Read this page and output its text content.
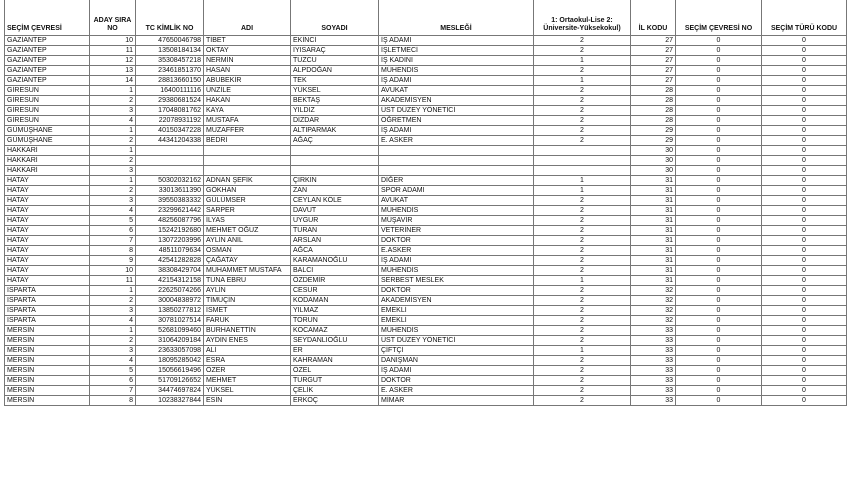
SEÇİM ÇEVRESİ	ADAY SIRA NO	TC KİMLİK NO	ADI	SOYADI	MESLEĞİ	1: Ortaokul-Lise 2: Üniversite-Yüksekokul)	İL KODU	SEÇİM ÇEVRESİ NO	SEÇİM TÜRÜ KODU
GAZİANTEP	10	47650046798	TİBET	EKİNCİ	İŞ ADAMI	2	27	0	0
GAZİANTEP	11	13508184134	OKTAY	IYISARAÇ	İŞLETMECİ	2	27	0	0
GAZİANTEP	12	35308457218	NERMİN	TUZCU	İŞ KADINI	1	27	0	0
GAZİANTEP	13	23461851370	HASAN	ALPDOĞAN	MÜHENDİS	2	27	0	0
GAZİANTEP	14	28813660150	ABUBEKİR	TEK	İŞ ADAMI	1	27	0	0
GİRESUN	1	16400111116	ÜNZİLE	YÜKSEL	AVUKAT	2	28	0	0
GİRESUN	2	29380681524	HAKAN	BEKTAŞ	AKADEMİSYEN	2	28	0	0
GİRESUN	3	17048081762	KAYA	YILDIZ	ÜST DÜZEY YÖNETİCİ	2	28	0	0
GİRESUN	4	22078931192	MUSTAFA	DİZDAR	ÖĞRETMEN	2	28	0	0
GÜMÜŞHANE	1	40150347228	MUZAFFER	ALTIPARMAK	İŞ ADAMI	2	29	0	0
GÜMÜŞHANE	2	44341204338	BEDRİ	AĞAÇ	E. ASKER	2	29	0	0
HAKKARİ	1						30	0	0
HAKKARİ	2						30	0	0
HAKKARİ	3						30	0	0
HATAY	1	50302032162	ADNAN ŞEFİK	ÇIRKIN	DİĞER	1	31	0	0
HATAY	2	33013611390	GÖKHAN	ZAN	SPOR ADAMI	1	31	0	0
HATAY	3	39550383332	GÜLÜMSER	CEYLAN KÖLE	AVUKAT	2	31	0	0
HATAY	4	23299621442	SARPER	DAVUT	MÜHENDİS	2	31	0	0
HATAY	5	48256087796	İLYAS	UYGUR	MÜŞAVİR	2	31	0	0
HATAY	6	15242192680	MEHMET OĞUZ	TURAN	VETERİNER	2	31	0	0
HATAY	7	13072203996	AYLİN ANIL	ARSLAN	DOKTOR	2	31	0	0
HATAY	8	48511079634	OSMAN	AĞCA	E.ASKER	2	31	0	0
HATAY	9	42541282828	ÇAĞATAY	KARAMANOĞLU	İŞ ADAMI	2	31	0	0
HATAY	10	38308429704	MUHAMMET MUSTAFA	BALCI	MÜHENDİS	2	31	0	0
HATAY	11	42154312158	TUNA EBRU	ÖZDEMİR	SERBEST MESLEK	1	31	0	0
ISPARTA	1	22625074266	AYLİN	CESUR	DOKTOR	2	32	0	0
ISPARTA	2	30004838972	TİMUÇİN	KODAMAN	AKADEMİSYEN	2	32	0	0
ISPARTA	3	13850277812	İSMET	YILMAZ	EMEKLİ	2	32	0	0
ISPARTA	4	30781027514	FARUK	TORUN	EMEKLİ	2	32	0	0
MERSİN	1	52681099460	BURHANETTİN	KOCAMAZ	MÜHENDİS	2	33	0	0
MERSİN	2	31064209184	AYDIN ENES	SEYDANLIOĞLU	ÜST DÜZEY YÖNETİCİ	2	33	0	0
MERSİN	3	23633057098	ALİ	ER	ÇİFTÇİ	1	33	0	0
MERSİN	4	18095285042	ESRA	KAHRAMAN	DANIŞMAN	2	33	0	0
MERSİN	5	15056619496	ÖZER	ÖZEL	İŞ ADAMI	2	33	0	0
MERSİN	6	51709126652	MEHMET	TURGUT	DOKTOR	2	33	0	0
MERSİN	7	34474697824	YÜKSEL	ÇELİK	E. ASKER	2	33	0	0
MERSİN	8	10238327844	ESİN	ERKOÇ	MİMAR	2	33	0	0
